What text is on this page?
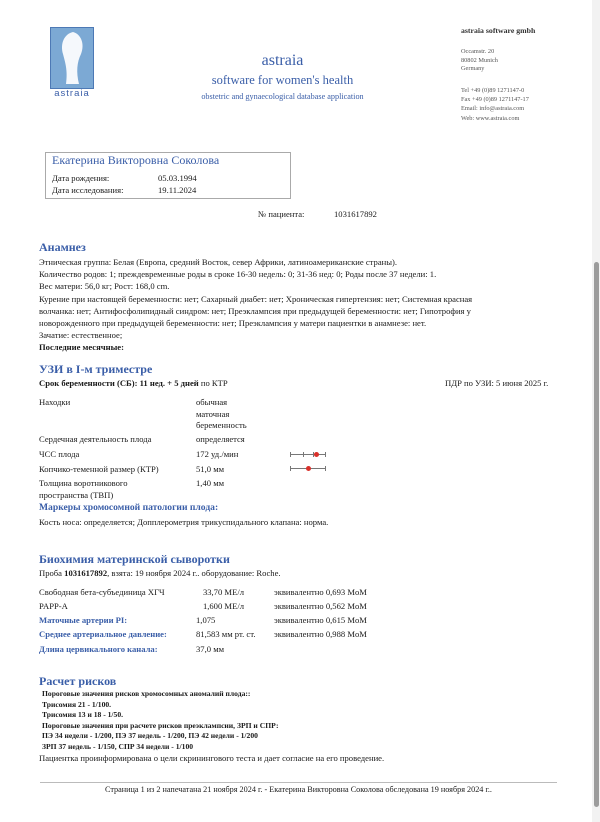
astraia
astraia
software for women's health
obstetric and gynaecological database application
astraia software gmbh
Occamstr. 20
80802 Munich
Germany
Tel +49 (0)89 1271147-0
Fax +49 (0)89 1271147-17
Email: info@astraia.com
Web: www.astraia.com
Екатерина Викторовна Соколова
Дата рождения:	05.03.1994
Дата исследования:	19.11.2024
№ пациента:	1031617892
Анамнез
Этническая группа: Белая (Европа, средний Восток, север Африки, латиноамериканские страны).
Количество родов: 1; преждевременные роды в сроке 16-30 недель: 0; 31-36 нед: 0; Роды после 37 недели: 1.
Вес матери: 56,0 кг; Рост: 168,0 cm.
Курение при настоящей беременности: нет; Сахарный диабет: нет; Хроническая гипертензия: нет; Системная красная
волчанка: нет; Антифосфолипидный синдром: нет; Преэклампсия при предыдущей беременности: нет; Гипотрофия у
новорожденного при предыдущей беременности: нет; Преэклампсия у матери пациентки в анамнезе: нет.
Зачатие: естественное;
Последние месячные:
УЗИ в I-м триместре
Срок беременности (СБ): 11 нед. + 5 дней по КТР	ПДР по УЗИ: 5 июня 2025 г.
Находки	обычная
маточная
беременность
Сердечная деятельность плода	определяется
ЧСС плода	172 уд./мин
Копчико-теменной размер (КТР)	51,0 мм
Толщина воротникового
пространства (ТВП)
1,40 мм
Маркеры хромосомной патологии плода:
Кость носа: определяется; Допплерометрия трикуспидального клапана: норма.
Биохимия материнской сыворотки
Проба 1031617892, взята: 19 ноября 2024 г.. оборудование: Roche.
Свободная бета-субъединица ХГЧ	33,70 МЕ/л	эквивалентно 0,693 MoM
PAPP-A	1,600 МЕ/л	эквивалентно 0,562 MoM
Маточные артерии PI:	1,075	эквивалентно 0,615 MoM
Среднее артериальное давление:	81,583 мм рт. ст. эквивалентно 0,988 MoM
Длина цервикального канала:	37,0 мм
Расчет рисков
Пороговые значения рисков хромосомных аномалий плода::
Трисомия 21 - 1/100.
Трисомия 13 и 18 - 1/50.
Пороговые значения при расчете рисков преэклампсии, ЗРП и СПР:
ПЭ 34 недели - 1/200, ПЭ 37 недель - 1/200, ПЭ 42 недели - 1/200
ЗРП 37 недель - 1/150, СПР 34 недели - 1/100
Пациентка проинформирована о цели скринингового теста и дает согласие на его проведение.
Страница 1 из 2 напечатана 21 ноября 2024 г. - Екатерина Викторовна Соколова обследована 19 ноября 2024 г..
